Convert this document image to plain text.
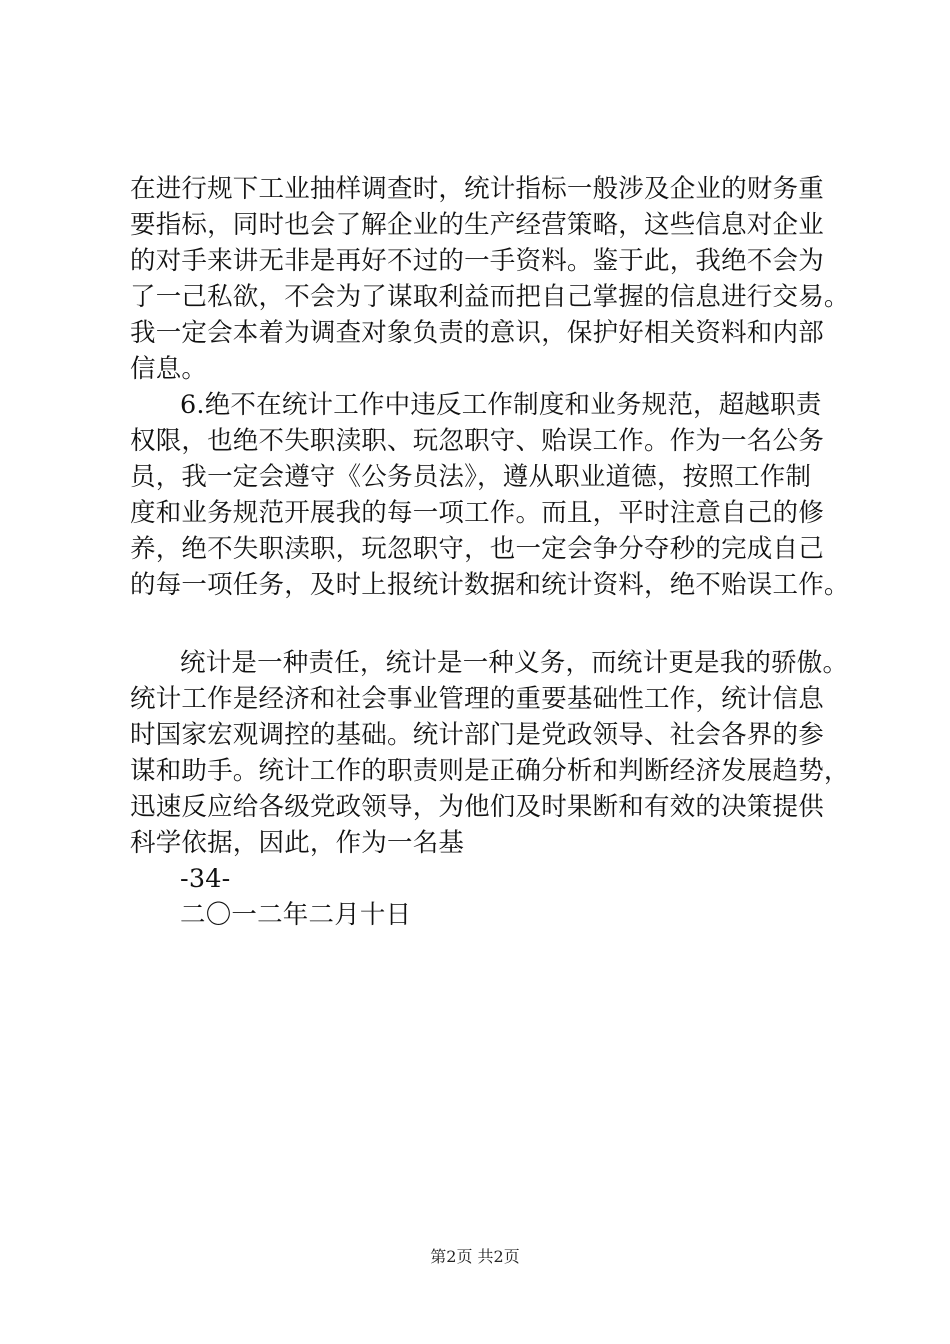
在进行规下工业抽样调查时，统计指标一般涉及企业的财务重
要指标，同时也会了解企业的生产经营策略，这些信息对企业
的对手来讲无非是再好不过的一手资料。鉴于此，我绝不会为
了一己私欲，不会为了谋取利益而把自己掌握的信息进行交易。
我一定会本着为调查对象负责的意识，保护好相关资料和内部
信息。
6.绝不在统计工作中违反工作制度和业务规范，超越职责
权限，也绝不失职渎职、玩忽职守、贻误工作。作为一名公务
员，我一定会遵守《公务员法》，遵从职业道德，按照工作制
度和业务规范开展我的每一项工作。而且，平时注意自己的修
养，绝不失职渎职，玩忽职守，也一定会争分夺秒的完成自己
的每一项任务，及时上报统计数据和统计资料，绝不贻误工作。
统计是一种责任，统计是一种义务，而统计更是我的骄傲。
统计工作是经济和社会事业管理的重要基础性工作，统计信息
时国家宏观调控的基础。统计部门是党政领导、社会各界的参
谋和助手。统计工作的职责则是正确分析和判断经济发展趋势，
迅速反应给各级党政领导，为他们及时果断和有效的决策提供
科学依据，因此，作为一名基
-34-
二〇一二年二月十日
第2页 共2页
